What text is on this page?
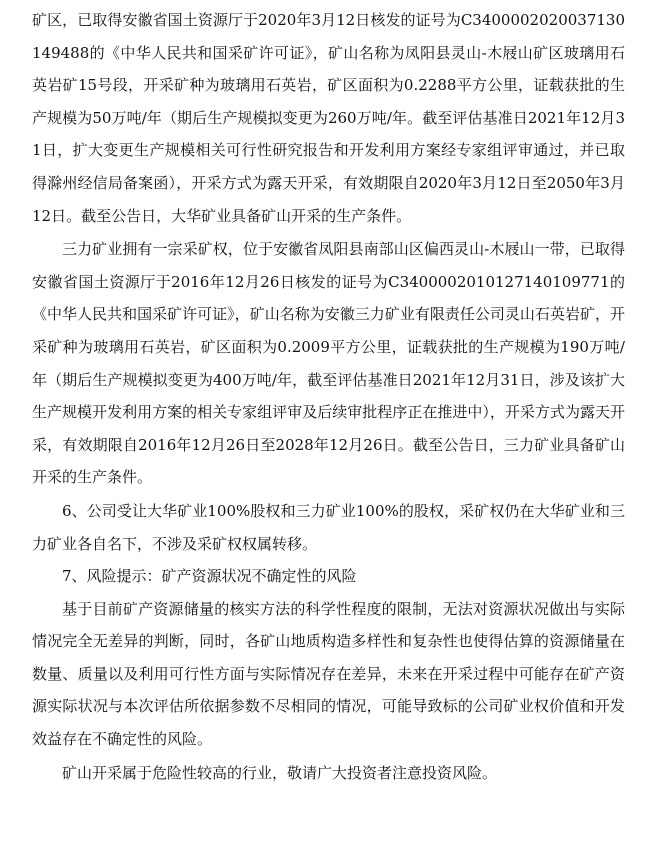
矿区，已取得安徽省国土资源厅于2020年3月12日核发的证号为C3400002020037130149488的《中华人民共和国采矿许可证》，矿山名称为凤阳县灵山-木屐山矿区玻璃用石英岩矿15号段，开采矿种为玻璃用石英岩，矿区面积为0.2288平方公里，证载获批的生产规模为50万吨/年（期后生产规模拟变更为260万吨/年。截至评估基准日2021年12月31日，扩大变更生产规模相关可行性研究报告和开发利用方案经专家组评审通过，并已取得滁州经信局备案函），开采方式为露天开采，有效期限自2020年3月12日至2050年3月12日。截至公告日，大华矿业具备矿山开采的生产条件。

三力矿业拥有一宗采矿权，位于安徽省凤阳县南部山区偏西灵山-木屐山一带，已取得安徽省国土资源厅于2016年12月26日核发的证号为C3400002010127140109771的《中华人民共和国采矿许可证》，矿山名称为安徽三力矿业有限责任公司灵山石英岩矿，开采矿种为玻璃用石英岩，矿区面积为0.2009平方公里，证载获批的生产规模为190万吨/年（期后生产规模拟变更为400万吨/年，截至评估基准日2021年12月31日，涉及该扩大生产规模开发利用方案的相关专家组评审及后续审批程序正在推进中），开采方式为露天开采，有效期限自2016年12月26日至2028年12月26日。截至公告日，三力矿业具备矿山开采的生产条件。

6、公司受让大华矿业100%股权和三力矿业100%的股权，采矿权仍在大华矿业和三力矿业各自名下，不涉及采矿权权属转移。

7、风险提示：矿产资源状况不确定性的风险

基于目前矿产资源储量的核实方法的科学性程度的限制，无法对资源状况做出与实际情况完全无差异的判断，同时，各矿山地质构造多样性和复杂性也使得估算的资源储量在数量、质量以及利用可行性方面与实际情况存在差异，未来在开采过程中可能存在矿产资源实际状况与本次评估所依据参数不尽相同的情况，可能导致标的公司矿业权价值和开发效益存在不确定性的风险。

矿山开采属于危险性较高的行业，敬请广大投资者注意投资风险。
